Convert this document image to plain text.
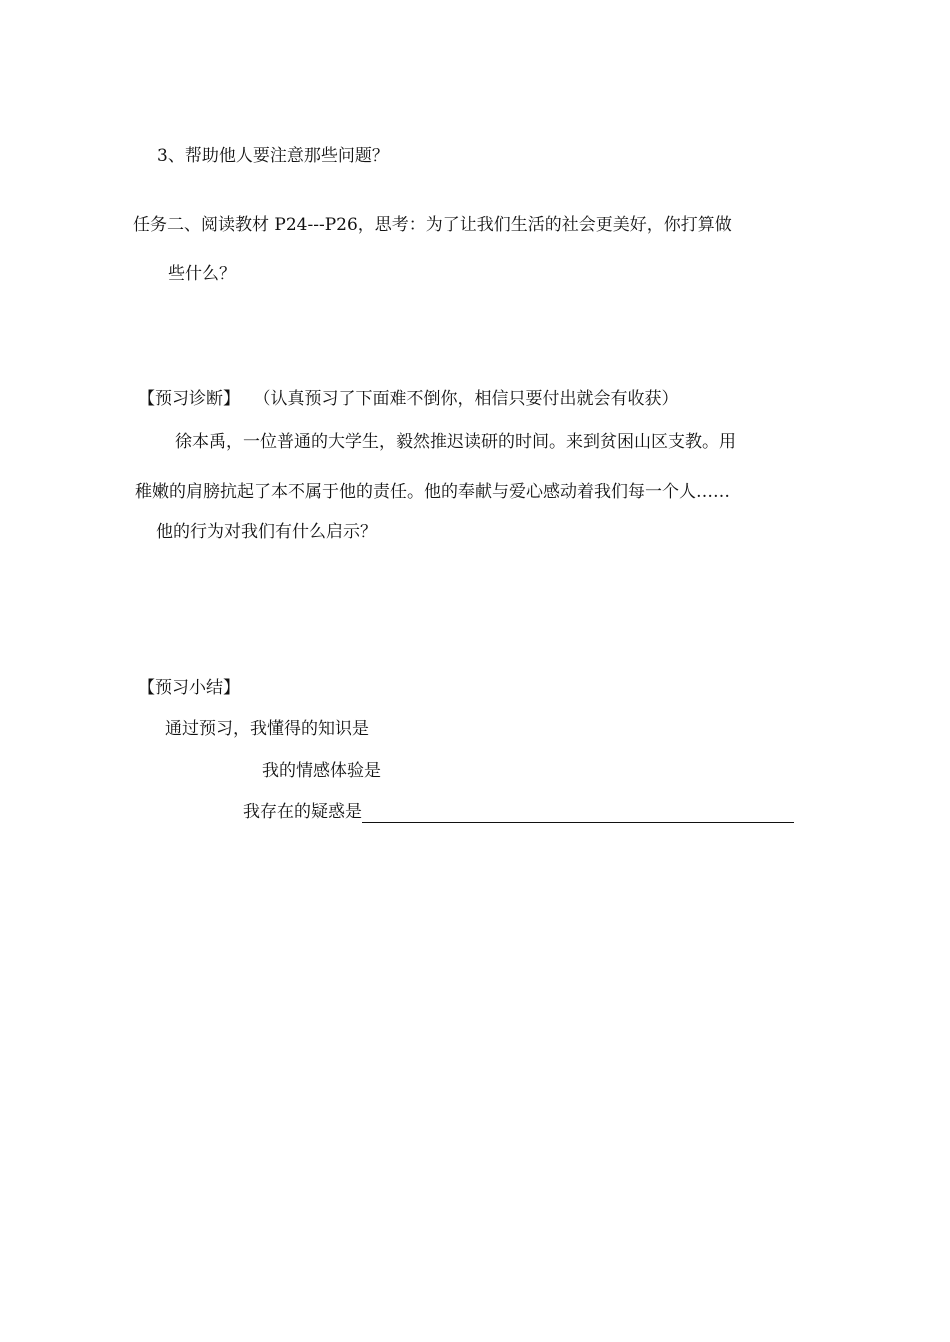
3、帮助他人要注意那些问题？
任务二、阅读教材 P24---P26，思考：为了让我们生活的社会更美好，你打算做
些什么？
【预习诊断】 （认真预习了下面难不倒你，相信只要付出就会有收获）
徐本禹，一位普通的大学生，毅然推迟读研的时间。来到贫困山区支教。用
稚嫩的肩膀抗起了本不属于他的责任。他的奉献与爱心感动着我们每一个人……
他的行为对我们有什么启示？
【预习小结】
通过预习，我懂得的知识是
我的情感体验是
我存在的疑惑是
